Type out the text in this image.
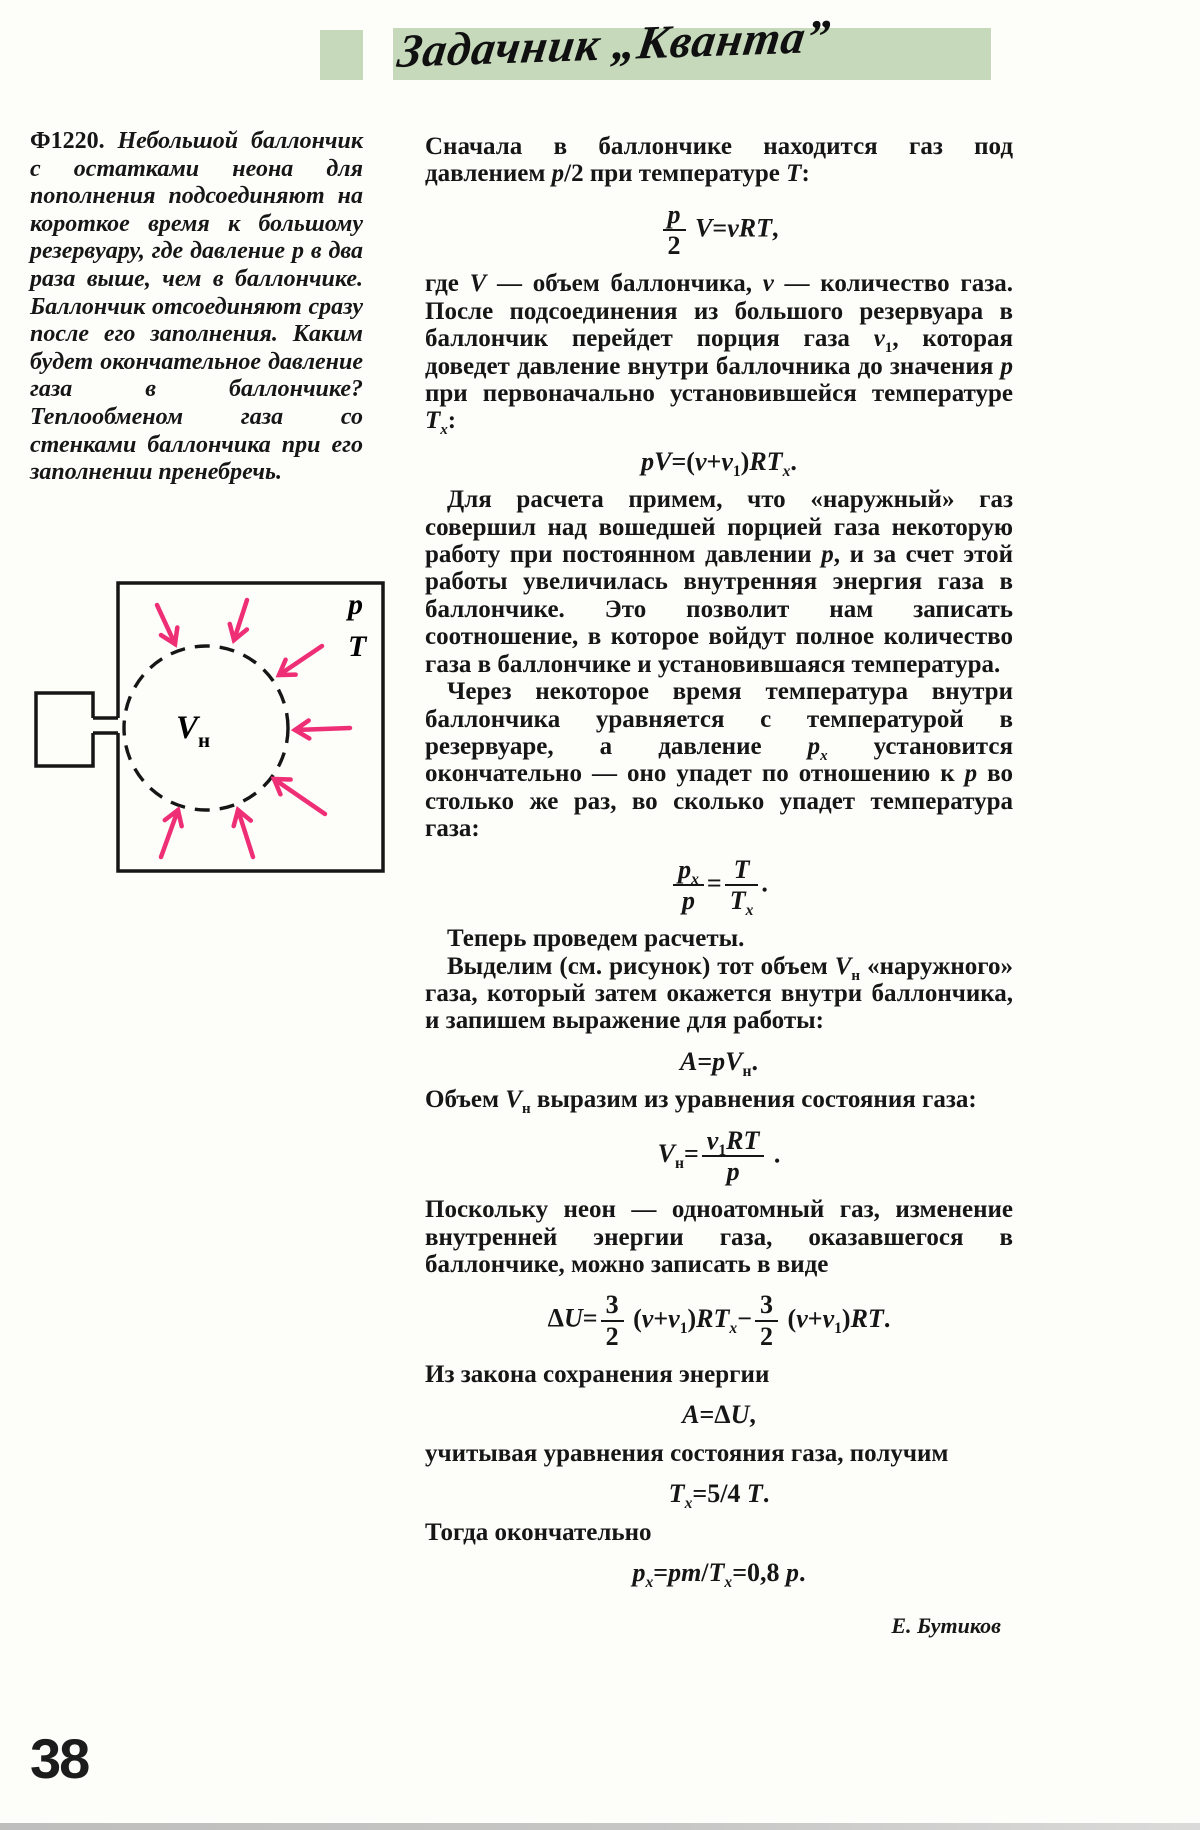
Задачник „Кванта”
Ф1220. Небольшой баллончик с остатками неона для пополнения подсоединяют на короткое время к большому резервуару, где давление p в два раза выше, чем в баллончике. Баллончик отсоединяют сразу после его заполнения. Каким будет окончательное давление газа в баллончике? Теплообменом газа со стенками баллончика при его заполнении пренебречь.
p
T
$V_н$

Сначала в баллончике находится газ под давлением p/2 при температуре T:

$\frac{p}{2} V=\nu RT$,

где V — объем баллончика, ν — количество газа. После подсоединения из большого резервуара в баллончик перейдет порция газа $\nu_1$, которая доведет давление внутри баллочника до значения p при первоначально установившейся температуре $T_x$:

$pV=(\nu+\nu_1)RT_x$.

Для расчета примем, что «наружный» газ совершил над вошедшей порцией газа некоторую работу при постоянном давлении p, и за счет этой работы увеличилась внутренняя энергия газа в баллончике. Это позволит нам записать соотношение, в которое войдут полное количество газа в баллончике и установившаяся температура.

Через некоторое время температура внутри баллончика уравняется с температурой в резервуаре, а давление $p_x$ установится окончательно — оно упадет по отношению к p во столько же раз, во сколько упадет температура газа:

$\frac{p_x}{p} = \frac{T}{T_x}$ .

Теперь проведем расчеты.

Выделим (см. рисунок) тот объем $V_н$ «наружного» газа, который затем окажется внутри баллончика, и запишем выражение для работы:

$A=pV_н$.

Объем $V_н$ выразим из уравнения состояния газа:

$V_н= \frac{\nu_1RT}{p}$ .

Поскольку неон — одноатомный газ, изменение внутренней энергии газа, оказавшегося в баллончике, можно записать в виде

$\Delta U= \frac{3}{2} (\nu+\nu_1)RT_x- \frac{3}{2} (\nu+\nu_1)RT$.

Из закона сохранения энергии

A=ΔU,

учитывая уравнения состояния газа, получим

$T_x=5/4$ T.

Тогда окончательно

$p_x=pт/T_x=0,8$ p.
Е. Бутиков
38
